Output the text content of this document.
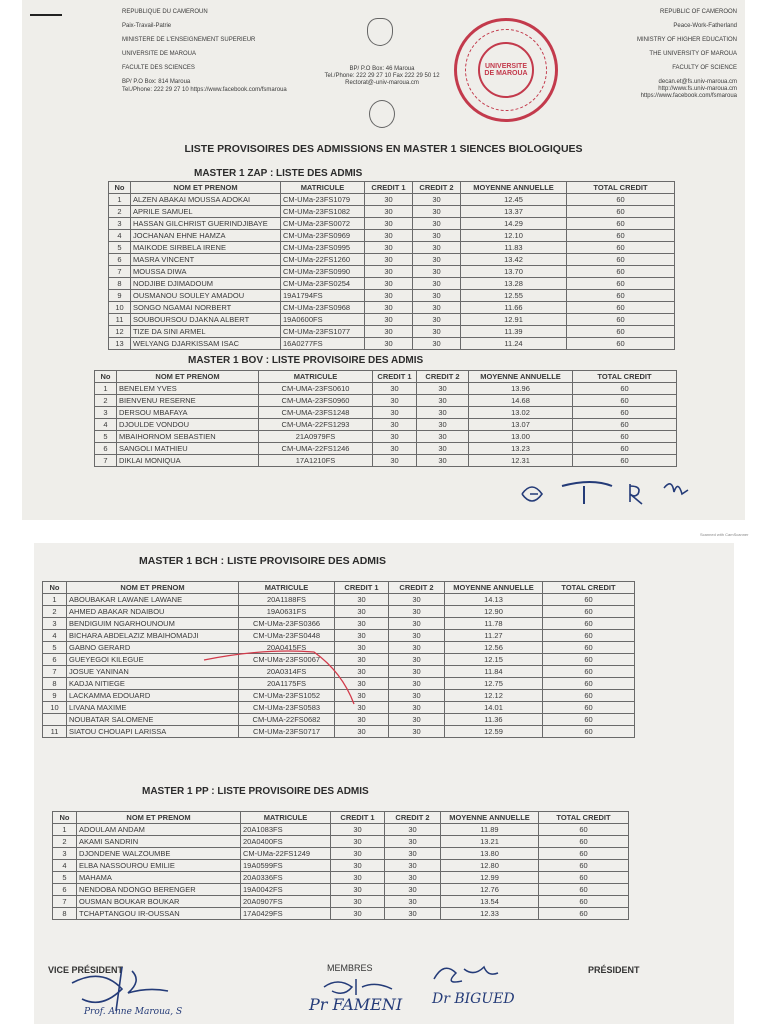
REPUBLIQUE DU CAMEROUN
Paix-Travail-Patrie
MINISTERE DE L'ENSEIGNEMENT SUPERIEUR
UNIVERSITE DE MAROUA
FACULTE DES SCIENCES
BP/ P.O Box: 814 Maroua
Tel./Phone: 222 29 27 10 https://www.facebook.com/fsmaroua
BP/ P.O Box: 46 Maroua
Tel./Phone: 222 29 27 10 Fax 222 29 50 12
Rectorat@-univ-maroua.cm
UNIVERSITE DE MAROUA
REPUBLIC OF CAMEROON
Peace-Work-Fatherland
MINISTRY OF HIGHER EDUCATION
THE UNIVERSITY OF MAROUA
FACULTY OF SCIENCE
decan.et@fs.univ-maroua.cm
http://www.fs.univ-maroua.cm
https://www.facebook.com/fsmaroua
LISTE PROVISOIRES DES ADMISSIONS EN MASTER 1 SIENCES BIOLOGIQUES
MASTER 1 ZAP : LISTE DES ADMIS
No	NOM ET PRENOM	MATRICULE	CREDIT 1	CREDIT 2	MOYENNE ANNUELLE	TOTAL CREDIT
1	ALZEN ABAKAI MOUSSA ADOKAI	CM-UMa-23FS1079	30	30	12.45	60
2	APRILE SAMUEL	CM-UMa-23FS1082	30	30	13.37	60
3	HASSAN GILCHRIST GUERINDJIBAYE	CM-UMa-23FS0072	30	30	14.29	60
4	JOCHANAN EHNE HAMZA	CM-UMa-23FS0969	30	30	12.10	60
5	MAIKODE SIRBELA IRENE	CM-UMa-23FS0995	30	30	11.83	60
6	MASRA VINCENT	CM-UMa-22FS1260	30	30	13.42	60
7	MOUSSA DIWA	CM-UMa-23FS0990	30	30	13.70	60
8	NODJIBE DJIMADOUM	CM-UMa-23FS0254	30	30	13.28	60
9	OUSMANOU SOULEY AMADOU	19A1794FS	30	30	12.55	60
10	SONGO NGAMAI NORBERT	CM-UMa-23FS0968	30	30	11.66	60
11	SOUBOURSOU DJAKNA ALBERT	19A0600FS	30	30	12.91	60
12	TIZE DA SINI ARMEL	CM-UMa-23FS1077	30	30	11.39	60
13	WELYANG DJARKISSAM ISAC	16A0277FS	30	30	11.24	60
MASTER 1 BOV : LISTE PROVISOIRE DES ADMIS
No	NOM ET PRENOM	MATRICULE	CREDIT 1	CREDIT 2	MOYENNE ANNUELLE	TOTAL CREDIT
1	BENELEM YVES	CM-UMA-23FS0610	30	30	13.96	60
2	BIENVENU RESERNE	CM-UMA-23FS0960	30	30	14.68	60
3	DERSOU MBAFAYA	CM-UMA-23FS1248	30	30	13.02	60
4	DJOULDE VONDOU	CM-UMA-22FS1293	30	30	13.07	60
5	MBAIHORNOM SEBASTIEN	21A0979FS	30	30	13.00	60
6	SANGOLI MATHIEU	CM-UMA-22FS1246	30	30	13.23	60
7	DIKLAI MONIQUA	17A1210FS	30	30	12.31	60
Scanned with CamScanner
MASTER 1 BCH : LISTE PROVISOIRE DES ADMIS
No	NOM ET PRENOM	MATRICULE	CREDIT 1	CREDIT 2	MOYENNE ANNUELLE	TOTAL CREDIT
1	ABOUBAKAR LAWANE LAWANE	20A1188FS	30	30	14.13	60
2	AHMED ABAKAR NDAIBOU	19A0631FS	30	30	12.90	60
3	BENDIGUIM NGARHOUNOUM	CM-UMa-23FS0366	30	30	11.78	60
4	BICHARA ABDELAZIZ MBAIHOMADJI	CM-UMa-23FS0448	30	30	11.27	60
5	GABNO GERARD	20A0415FS	30	30	12.56	60
6	GUEYEGOI KILEGUE	CM-UMa-23FS0067	30	30	12.15	60
7	JOSUE YANINAN	20A0314FS	30	30	11.84	60
8	KADJA NITIEGE	20A1175FS	30	30	12.75	60
9	LACKAMMA EDOUARD	CM-UMa-23FS1052	30	30	12.12	60
10	LIVANA MAXIME	CM-UMa-23FS0583	30	30	14.01	60
	NOUBATAR SALOMENE	CM-UMA-22FS0682	30	30	11.36	60
11	SIATOU CHOUAPI LARISSA	CM-UMa-23FS0717	30	30	12.59	60
MASTER 1 PP : LISTE PROVISOIRE DES ADMIS
No	NOM ET PRENOM	MATRICULE	CREDIT 1	CREDIT 2	MOYENNE ANNUELLE	TOTAL CREDIT
1	ADOULAM ANDAM	20A1083FS	30	30	11.89	60
2	AKAMI SANDRIN	20A0400FS	30	30	13.21	60
3	DJONDENE WALZOUMBE	CM-UMa-22FS1249	30	30	13.80	60
4	ELBA NASSOUROU EMILIE	19A0599FS	30	30	12.80	60
5	MAHAMA	20A0336FS	30	30	12.99	60
6	NENDOBA NDONGO BERENGER	19A0042FS	30	30	12.76	60
7	OUSMAN BOUKAR BOUKAR	20A0907FS	30	30	13.54	60
8	TCHAPTANGOU IR-OUSSAN	17A0429FS	30	30	12.33	60
VICE PRÉSIDENT	MEMBRES	PRÉSIDENT
Prof. Anne Maroua, S	Pr FAMENI Dr BIGUED
